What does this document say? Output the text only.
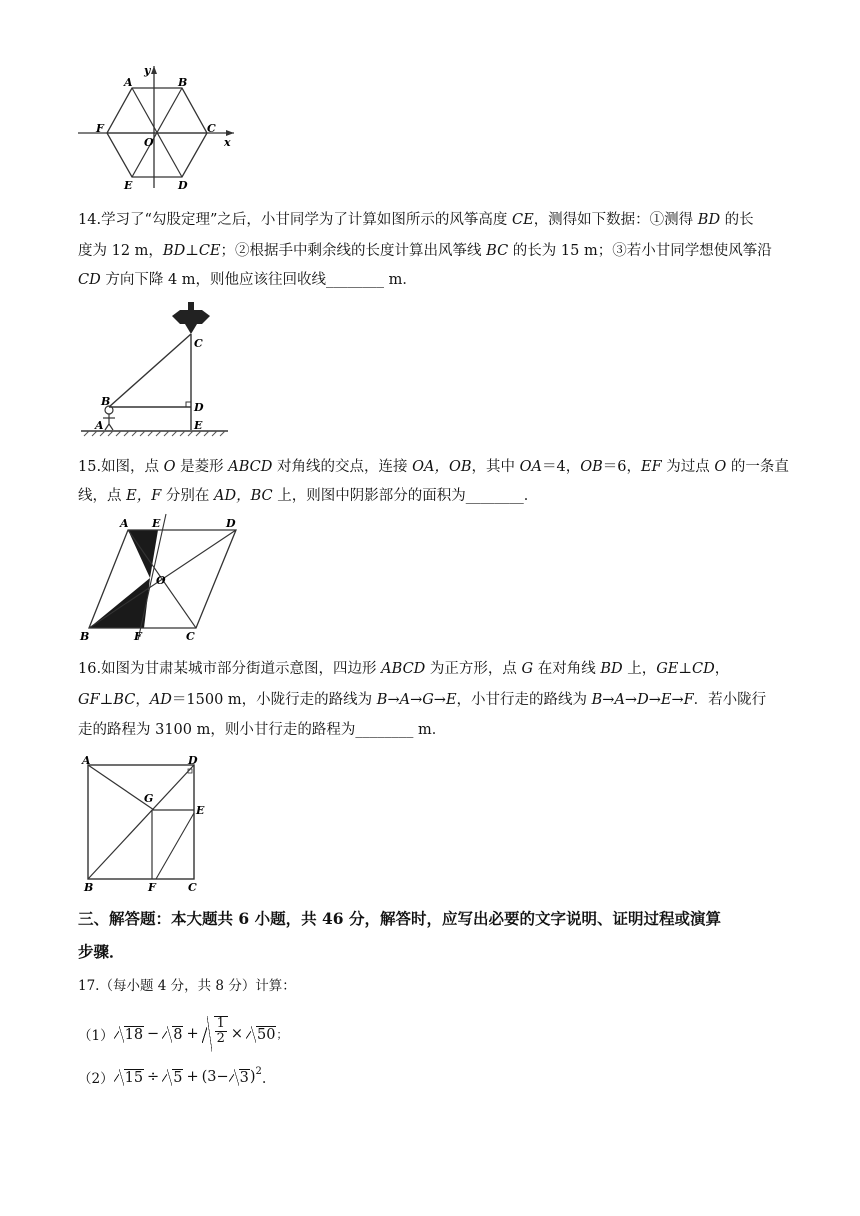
y
A	B
F
O
C
x
E	D
14.学习了“勾股定理”之后，小甘同学为了计算如图所示的风筝高度 CE，测得如下数据：①测得 BD 的长
度为 12 m，BD⊥CE；②根据手中剩余线的长度计算出风筝线 BC 的长为 15 m；③若小甘同学想使风筝沿
CD 方向下降 4 m，则他应该往回收线________ m．
C
B	D
A	E
15.如图，点 O 是菱形 ABCD 对角线的交点，连接 OA，OB，其中 OA＝4，OB＝6，EF 为过点 O 的一条直
线，点 E，F 分别在 AD，BC 上，则图中阴影部分的面积为________．
A E	D
O
B	F	C
16.如图为甘肃某城市部分街道示意图，四边形 ABCD 为正方形，点 G 在对角线 BD 上，GE⊥CD，
GF⊥BC，AD＝1500 m，小陇行走的路线为 B→A→G→E，小甘行走的路线为 B→A→D→E→F．若小陇行
走的路程为 3100 m，则小甘行走的路程为________ m．
A	D
G
E
B	F	C
三、解答题：本大题共 6 小题，共 46 分，解答时，应写出必要的文字说明、证明过程或演算
步骤．
17.（每小题 4 分，共 8 分）计算：
（1） $18 - 8 + \frac{1}{2} \times 50$ ；
（2） 15 ÷ 5 + (3− 3 )$^2$ ．
